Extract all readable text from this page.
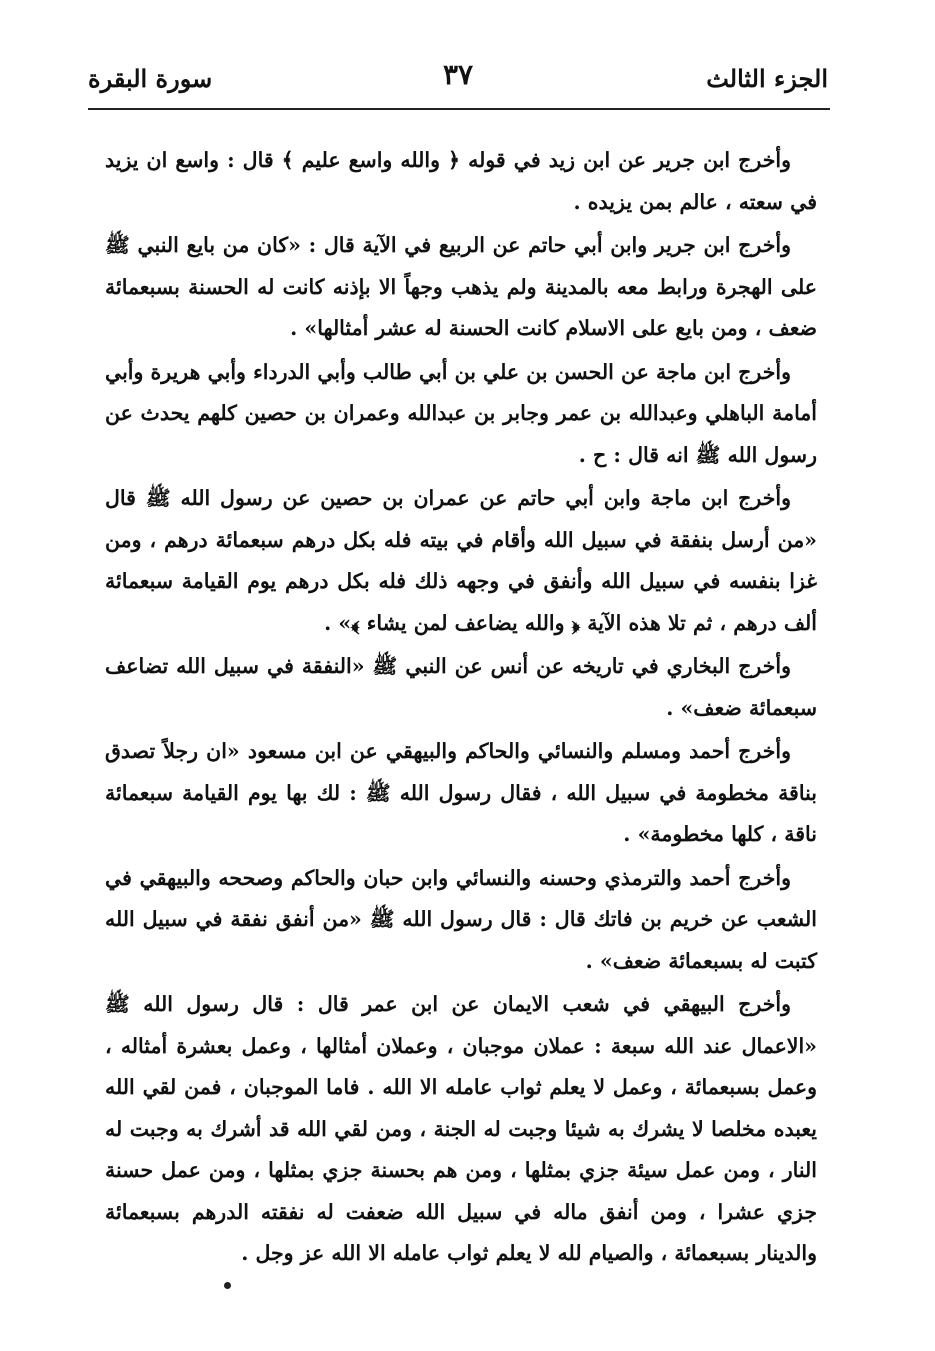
الجزء الثالث
٣٧
سورة البقرة

وأخرج ابن جرير عن ابن زيد في قوله ﴿ والله واسع عليم ﴾ قال : واسع ان يزيد في سعته ، عالم بمن يزيده .

وأخرج ابن جرير وابن أبي حاتم عن الربيع في الآية قال : «كان من بايع النبي ﷺ على الهجرة ورابط معه بالمدينة ولم يذهب وجهاً الا بإذنه كانت له الحسنة بسبعمائة ضعف ، ومن بايع على الاسلام كانت الحسنة له عشر أمثالها» .

وأخرج ابن ماجة عن الحسن بن علي بن أبي طالب وأبي الدرداء وأبي هريرة وأبي أمامة الباهلي وعبدالله بن عمر وجابر بن عبدالله وعمران بن حصين كلهم يحدث عن رسول الله ﷺ انه قال : ح .

وأخرج ابن ماجة وابن أبي حاتم عن عمران بن حصين عن رسول الله ﷺ قال «من أرسل بنفقة في سبيل الله وأقام في بيته فله بكل درهم سبعمائة درهم ، ومن غزا بنفسه في سبيل الله وأنفق في وجهه ذلك فله بكل درهم يوم القيامة سبعمائة ألف درهم ، ثم تلا هذه الآية ﴿ والله يضاعف لمن يشاء ﴾» .

وأخرج البخاري في تاريخه عن أنس عن النبي ﷺ «النفقة في سبيل الله تضاعف سبعمائة ضعف» .

وأخرج أحمد ومسلم والنسائي والحاكم والبيهقي عن ابن مسعود «ان رجلاً تصدق بناقة مخطومة في سبيل الله ، فقال رسول الله ﷺ : لك بها يوم القيامة سبعمائة ناقة ، كلها مخطومة» .

وأخرج أحمد والترمذي وحسنه والنسائي وابن حبان والحاكم وصححه والبيهقي في الشعب عن خريم بن فاتك قال : قال رسول الله ﷺ «من أنفق نفقة في سبيل الله كتبت له بسبعمائة ضعف» .

وأخرج البيهقي في شعب الايمان عن ابن عمر قال : قال رسول الله ﷺ «الاعمال عند الله سبعة : عملان موجبان ، وعملان أمثالها ، وعمل بعشرة أمثاله ، وعمل بسبعمائة ، وعمل لا يعلم ثواب عامله الا الله . فاما الموجبان ، فمن لقي الله يعبده مخلصا لا يشرك به شيئا وجبت له الجنة ، ومن لقي الله قد أشرك به وجبت له النار ، ومن عمل سيئة جزي بمثلها ، ومن هم بحسنة جزي بمثلها ، ومن عمل حسنة جزي عشرا ، ومن أنفق ماله في سبيل الله ضعفت له نفقته الدرهم بسبعمائة والدينار بسبعمائة ، والصيام لله لا يعلم ثواب عامله الا الله عز وجل .
